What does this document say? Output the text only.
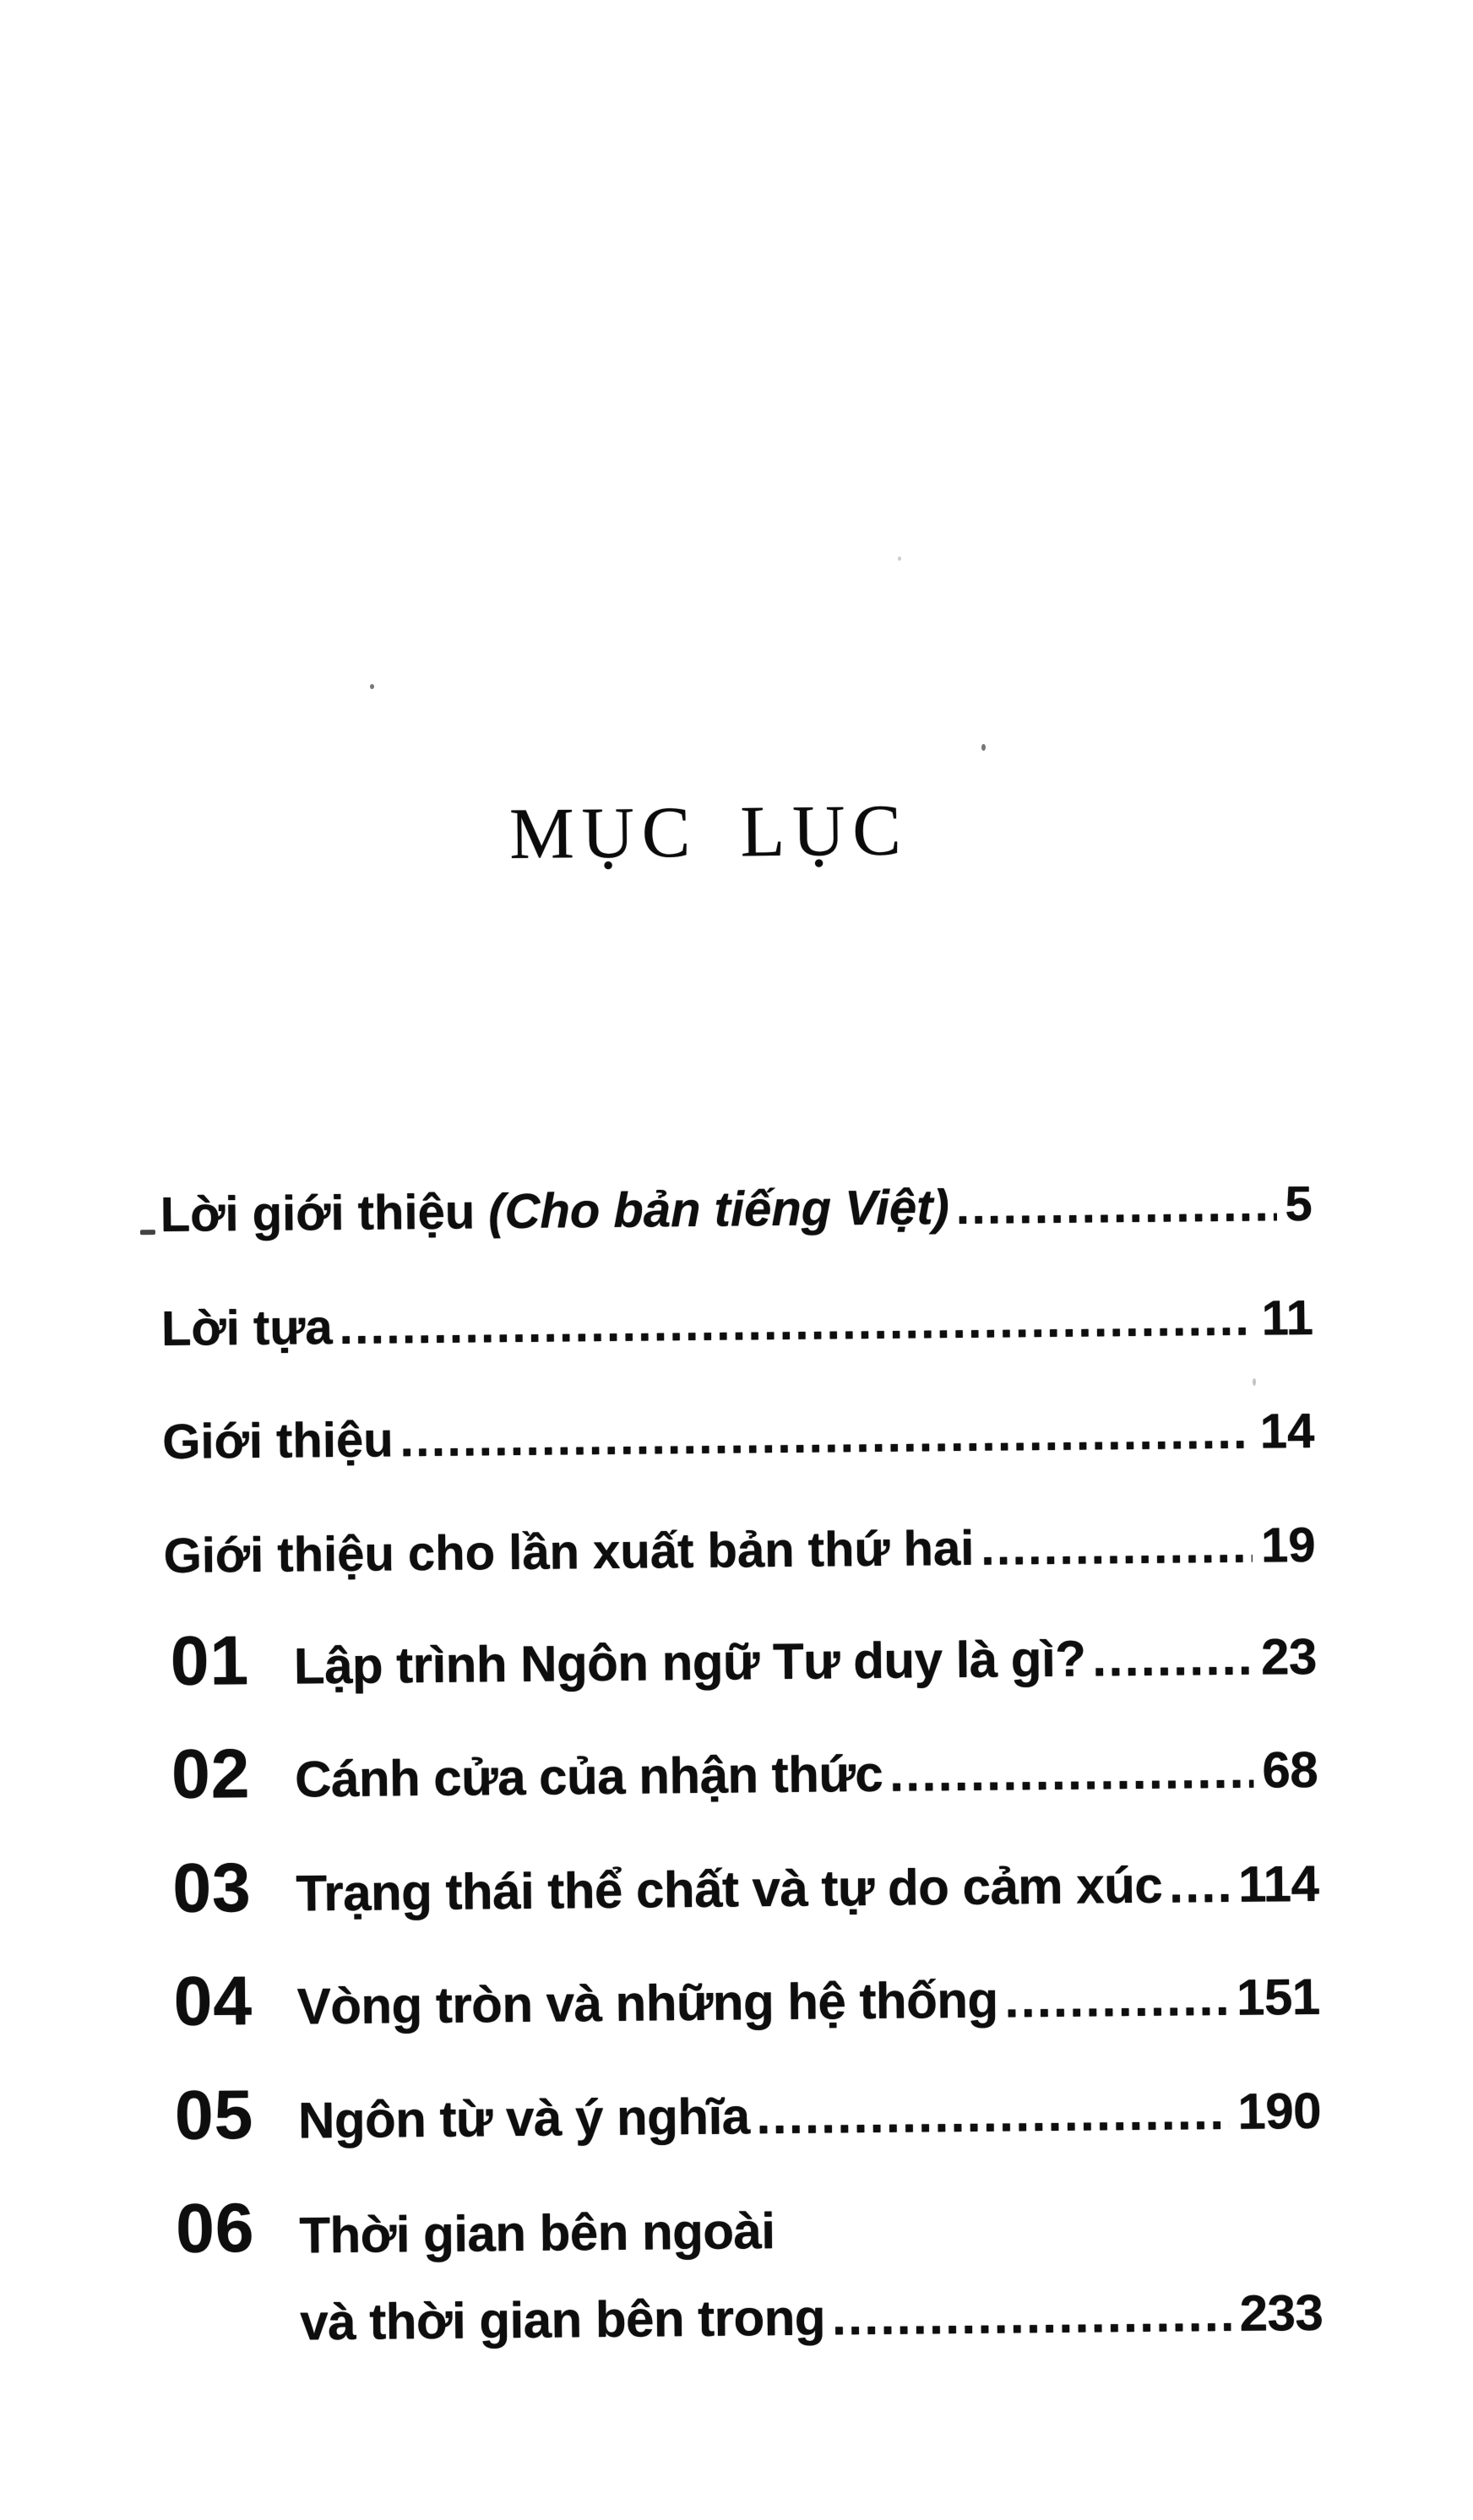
MỤC LỤC
Lời giới thiệu (Cho bản tiếng Việt) .....	5
Lời tựa .....	11
Giới thiệu .....	14
Giới thiệu cho lần xuất bản thứ hai .....	19
01 Lập trình Ngôn ngữ Tư duy là gì? .....	23
02 Cánh cửa của nhận thức .....	68
03 Trạng thái thể chất và tự do cảm xúc ..... 114
04 Vòng tròn và những hệ thống .....	151
05 Ngôn từ và ý nghĩa .....	190
06 Thời gian bên ngoài
và thời gian bên trong .....	233
